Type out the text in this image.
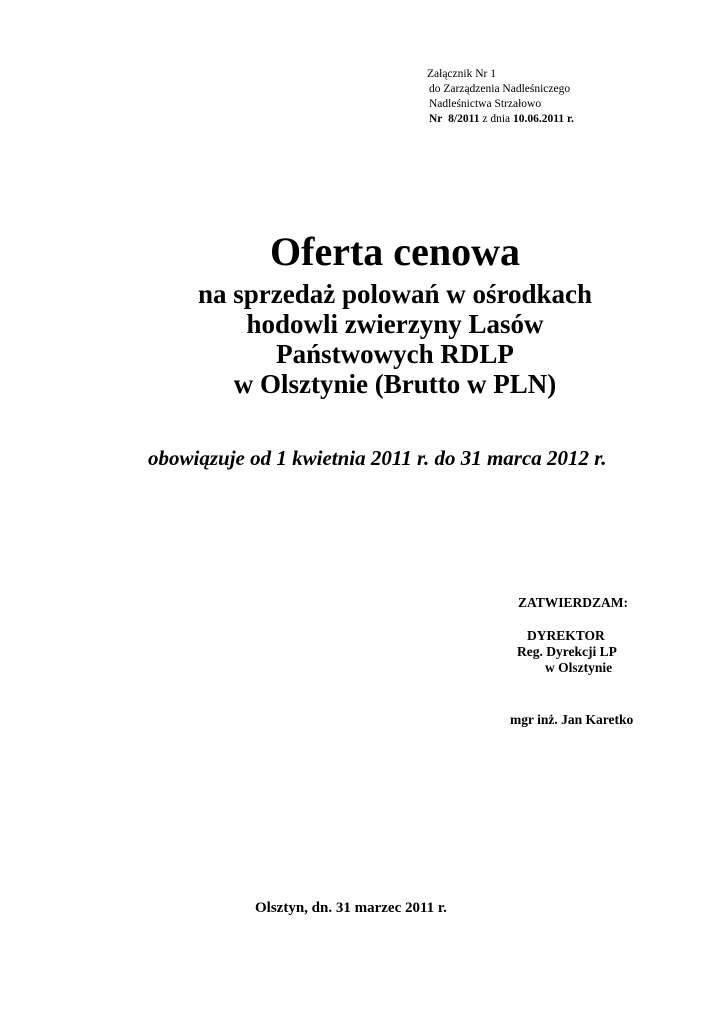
Załącznik Nr 1
do Zarządzenia Nadleśniczego
Nadleśnictwa Strzałowo
Nr 8/2011 z dnia 10.06.2011 r.
Oferta cenowa
na sprzedaż polowań w ośrodkach
hodowli zwierzyny Lasów
Państwowych RDLP
w Olsztynie (Brutto w PLN)
obowiązuje od 1 kwietnia 2011 r. do 31 marca 2012 r.
ZATWIERDZAM:
DYREKTOR
Reg. Dyrekcji LP
w Olsztynie
mgr inż. Jan Karetko
Olsztyn, dn. 31 marzec 2011 r.
